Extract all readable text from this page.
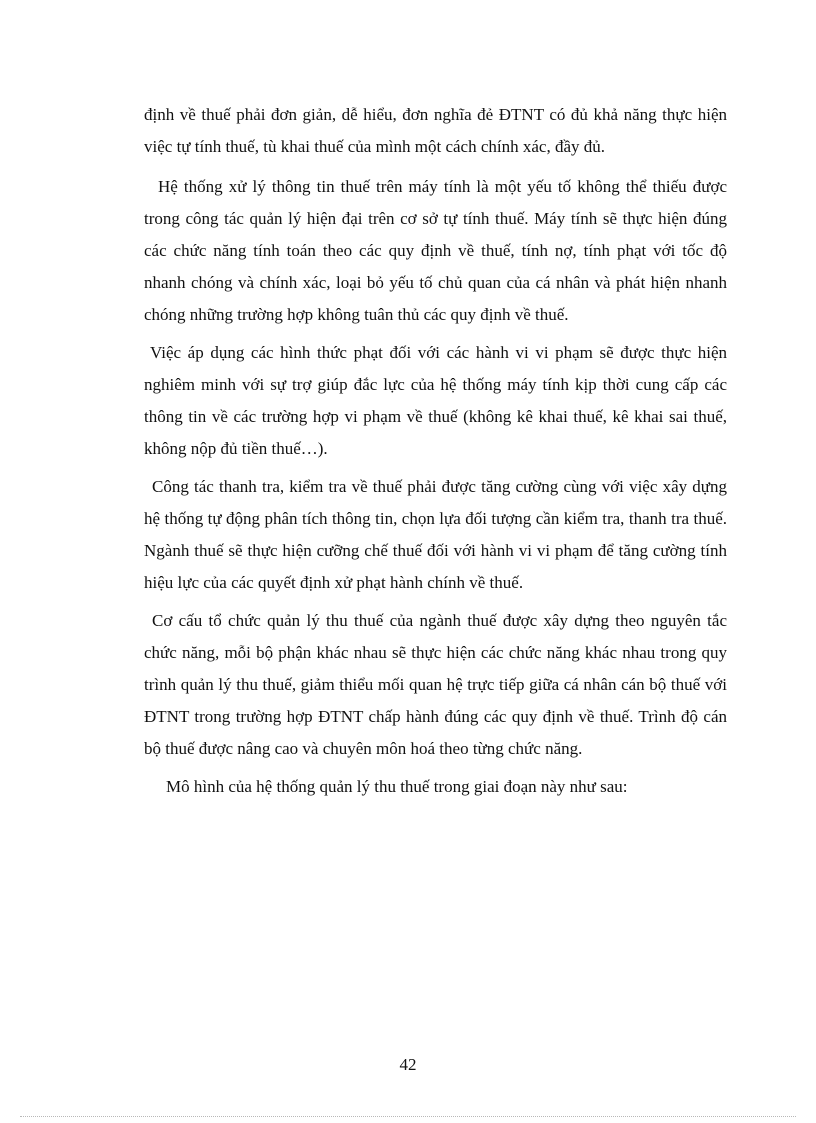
định về thuế phải đơn giản, dễ hiểu, đơn nghĩa đẻ ĐTNT có đủ khả năng thực hiện việc tự tính thuế, tù khai thuế của mình một cách chính xác, đầy đủ.

Hệ thống xử lý thông tin thuế trên máy tính là một yếu tố không thể thiếu được trong công tác quản lý hiện đại trên cơ sở tự tính thuế. Máy tính sẽ thực hiện đúng các chức năng tính toán theo các quy định về thuế, tính nợ, tính phạt với tốc độ nhanh chóng và chính xác, loại bỏ yếu tố chủ quan của cá nhân và phát hiện nhanh chóng những trường hợp không tuân thủ các quy định về thuế.

Việc áp dụng các hình thức phạt đối với các hành vi vi phạm sẽ được thực hiện nghiêm minh với sự trợ giúp đắc lực của hệ thống máy tính kịp thời cung cấp các thông tin về các trường hợp vi phạm về thuế (không kê khai thuế, kê khai sai thuế, không nộp đủ tiền thuế…).

Công tác thanh tra, kiểm tra về thuế phải được tăng cường cùng với việc xây dựng hệ thống tự động phân tích thông tin, chọn lựa đối tượng cần kiểm tra, thanh tra thuế. Ngành thuế sẽ thực hiện cưỡng chế thuế đối với hành vi vi phạm để tăng cường tính hiệu lực của các quyết định xử phạt hành chính về thuế.

Cơ cấu tổ chức quản lý thu thuế của ngành thuế được xây dựng theo nguyên tắc chức năng, mỗi bộ phận khác nhau sẽ thực hiện các chức năng khác nhau trong quy trình quản lý thu thuế, giảm thiểu mối quan hệ trực tiếp giữa cá nhân cán bộ thuế với ĐTNT trong trường hợp ĐTNT chấp hành đúng các quy định về thuế. Trình độ cán bộ thuế được nâng cao và chuyên môn hoá theo từng chức năng.

Mô hình của hệ thống quản lý thu thuế trong giai đoạn này như sau:

42
